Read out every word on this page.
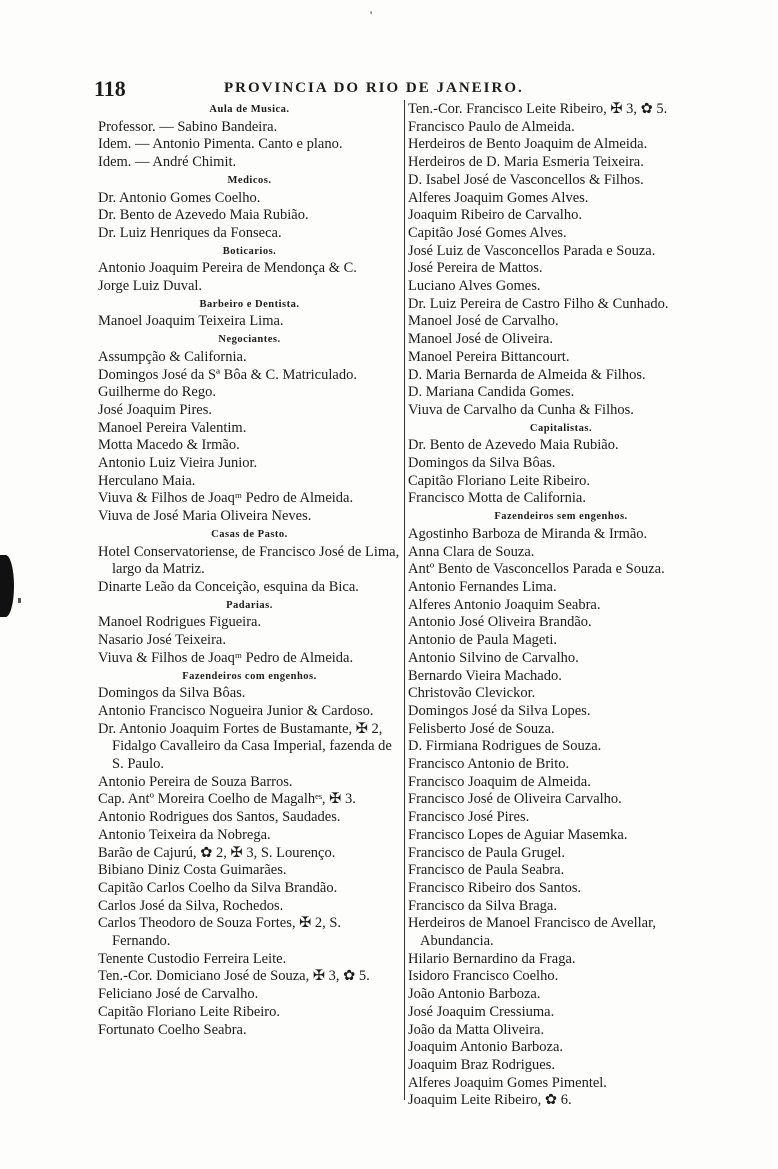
'
118	PROVINCIA DO RIO DE JANEIRO.
Aula de Musica.
Professor. — Sabino Bandeira.
Idem. — Antonio Pimenta. Canto e plano.
Idem. — André Chimit.
Medicos.
Dr. Antonio Gomes Coelho.
Dr. Bento de Azevedo Maia Rubião.
Dr. Luiz Henriques da Fonseca.
Boticarios.
Antonio Joaquim Pereira de Mendonça & C.
Jorge Luiz Duval.
Barbeiro e Dentista.
Manoel Joaquim Teixeira Lima.
Negociantes.
Assumpção & California.
Domingos José da Sª Bôa & C. Matriculado.
Guilherme do Rego.
José Joaquim Pires.
Manoel Pereira Valentim.
Motta Macedo & Irmão.
Antonio Luiz Vieira Junior.
Herculano Maia.
Viuva & Filhos de Joaqᵐ Pedro de Almeida.
Viuva de José Maria Oliveira Neves.
Casas de Pasto.
Hotel Conservatoriense, de Francisco José de Lima, largo da Matriz.
Dinarte Leão da Conceição, esquina da Bica.
Padarias.
Manoel Rodrigues Figueira.
Nasario José Teixeira.
Viuva & Filhos de Joaqᵐ Pedro de Almeida.
Fazendeiros com engenhos.
Domingos da Silva Bôas.
Antonio Francisco Nogueira Junior & Cardoso.
Dr. Antonio Joaquim Fortes de Bustamante, ✠ 2, Fidalgo Cavalleiro da Casa Imperial, fazenda de S. Paulo.
Antonio Pereira de Souza Barros.
Cap. Antº Moreira Coelho de Magalhᵉˢ, ✠ 3.
Antonio Rodrigues dos Santos, Saudades.
Antonio Teixeira da Nobrega.
Barão de Cajurú, ✿ 2, ✠ 3, S. Lourenço.
Bibiano Diniz Costa Guimarães.
Capitão Carlos Coelho da Silva Brandão.
Carlos José da Silva, Rochedos.
Carlos Theodoro de Souza Fortes, ✠ 2, S. Fernando.
Tenente Custodio Ferreira Leite.
Ten.-Cor. Domiciano José de Souza, ✠ 3, ✿ 5.
Feliciano José de Carvalho.
Capitão Floriano Leite Ribeiro.
Fortunato Coelho Seabra.
Ten.-Cor. Francisco Leite Ribeiro, ✠ 3, ✿ 5.
Francisco Paulo de Almeida.
Herdeiros de Bento Joaquim de Almeida.
Herdeiros de D. Maria Esmeria Teixeira.
D. Isabel José de Vasconcellos & Filhos.
Alferes Joaquim Gomes Alves.
Joaquim Ribeiro de Carvalho.
Capitão José Gomes Alves.
José Luiz de Vasconcellos Parada e Souza.
José Pereira de Mattos.
Luciano Alves Gomes.
Dr. Luiz Pereira de Castro Filho & Cunhado.
Manoel José de Carvalho.
Manoel José de Oliveira.
Manoel Pereira Bittancourt.
D. Maria Bernarda de Almeida & Filhos.
D. Mariana Candida Gomes.
Viuva de Carvalho da Cunha & Filhos.
Capitalistas.
Dr. Bento de Azevedo Maia Rubião.
Domingos da Silva Bôas.
Capitão Floriano Leite Ribeiro.
Francisco Motta de California.
Fazendeiros sem engenhos.
Agostinho Barboza de Miranda & Irmão.
Anna Clara de Souza.
Antº Bento de Vasconcellos Parada e Souza.
Antonio Fernandes Lima.
Alferes Antonio Joaquim Seabra.
Antonio José Oliveira Brandão.
Antonio de Paula Mageti.
Antonio Silvino de Carvalho.
Bernardo Vieira Machado.
Christovão Clevickor.
Domingos José da Silva Lopes.
Felisberto José de Souza.
D. Firmiana Rodrigues de Souza.
Francisco Antonio de Brito.
Francisco Joaquim de Almeida.
Francisco José de Oliveira Carvalho.
Francisco José Pires.
Francisco Lopes de Aguiar Masemka.
Francisco de Paula Grugel.
Francisco de Paula Seabra.
Francisco Ribeiro dos Santos.
Francisco da Silva Braga.
Herdeiros de Manoel Francisco de Avellar, Abundancia.
Hilario Bernardino da Fraga.
Isidoro Francisco Coelho.
João Antonio Barboza.
José Joaquim Cressiuma.
João da Matta Oliveira.
Joaquim Antonio Barboza.
Joaquim Braz Rodrigues.
Alferes Joaquim Gomes Pimentel.
Joaquim Leite Ribeiro, ✿ 6.
